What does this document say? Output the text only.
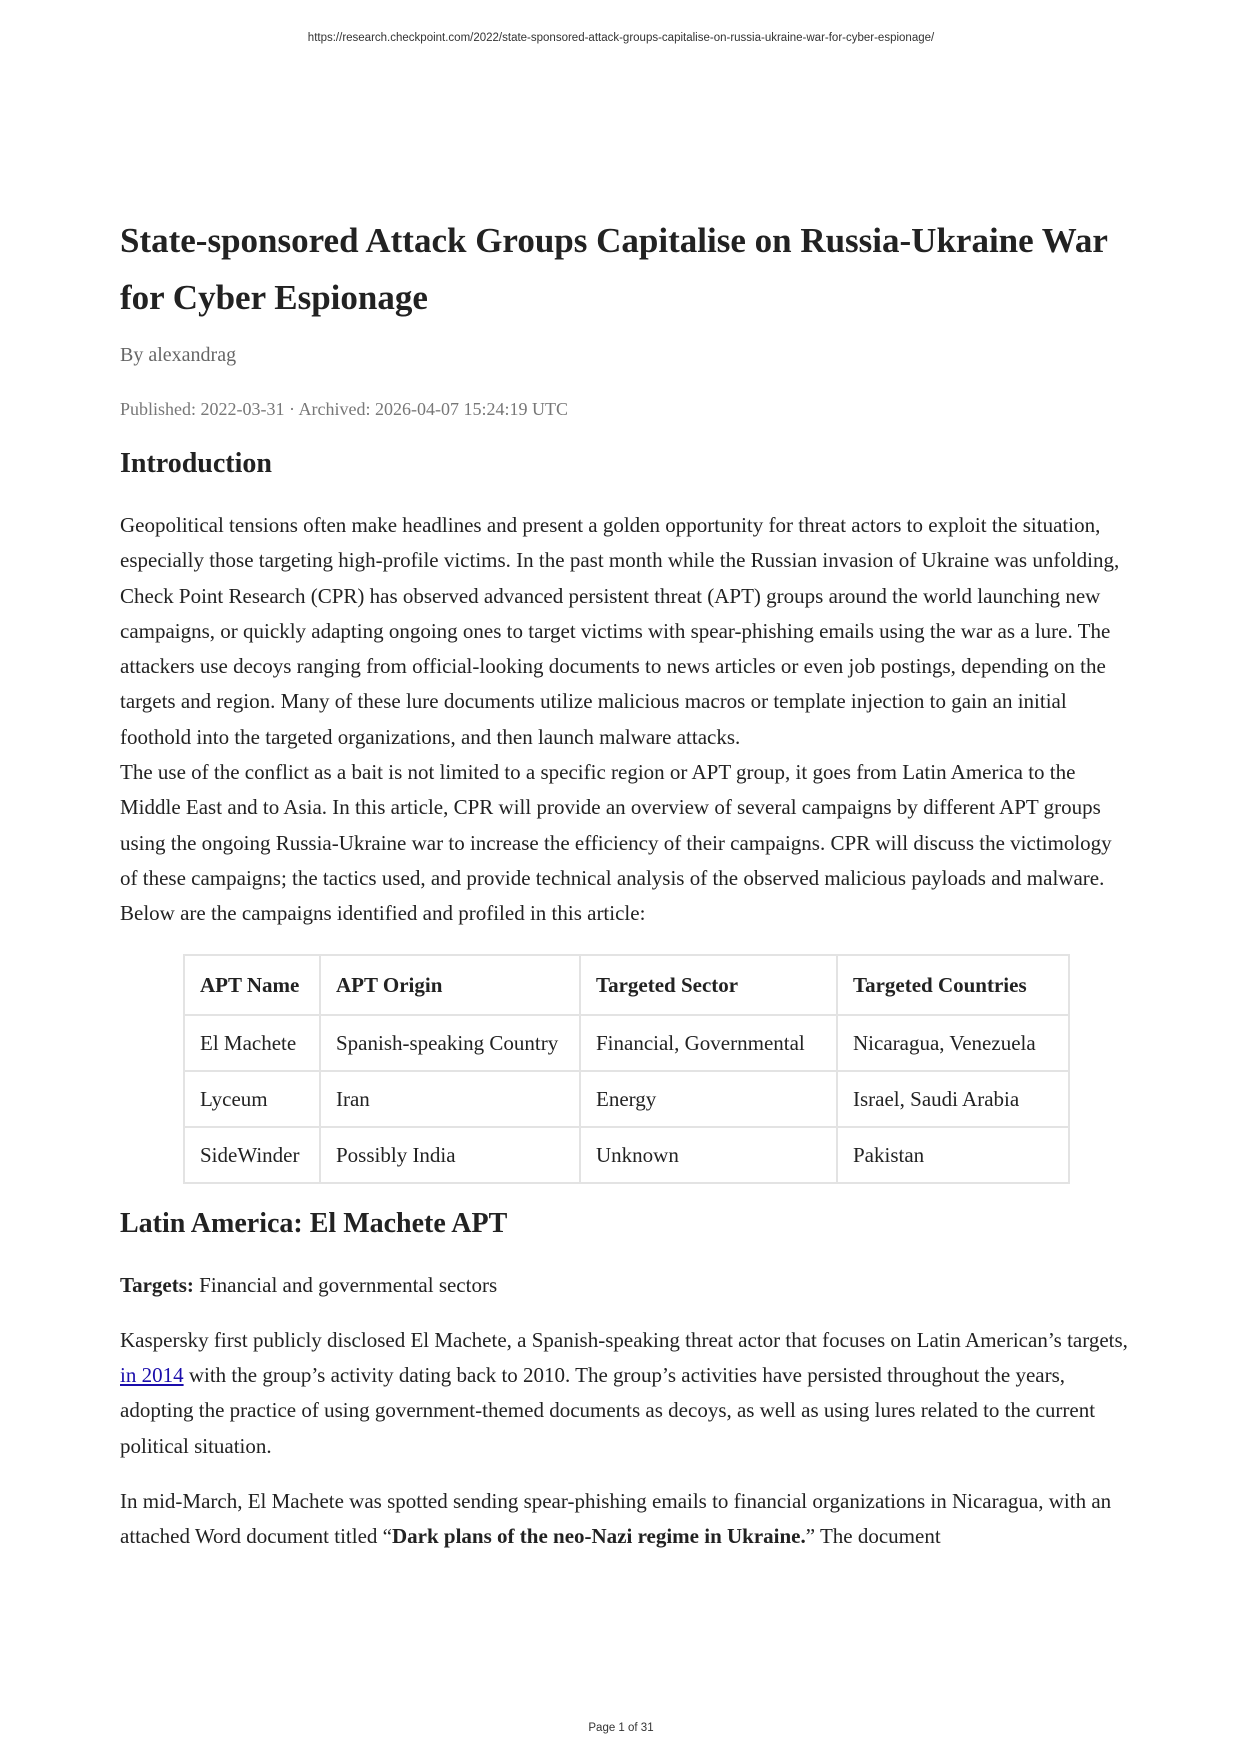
https://research.checkpoint.com/2022/state-sponsored-attack-groups-capitalise-on-russia-ukraine-war-for-cyber-espionage/
State-sponsored Attack Groups Capitalise on Russia-Ukraine War for Cyber Espionage
By alexandrag
Published: 2022-03-31 · Archived: 2026-04-07 15:24:19 UTC
Introduction

Geopolitical tensions often make headlines and present a golden opportunity for threat actors to exploit the situation, especially those targeting high-profile victims. In the past month while the Russian invasion of Ukraine was unfolding, Check Point Research (CPR) has observed advanced persistent threat (APT) groups around the world launching new campaigns, or quickly adapting ongoing ones to target victims with spear-phishing emails using the war as a lure. The attackers use decoys ranging from official-looking documents to news articles or even job postings, depending on the targets and region. Many of these lure documents utilize malicious macros or template injection to gain an initial foothold into the targeted organizations, and then launch malware attacks.

The use of the conflict as a bait is not limited to a specific region or APT group, it goes from Latin America to the Middle East and to Asia. In this article, CPR will provide an overview of several campaigns by different APT groups using the ongoing Russia-Ukraine war to increase the efficiency of their campaigns. CPR will discuss the victimology of these campaigns; the tactics used, and provide technical analysis of the observed malicious payloads and malware. Below are the campaigns identified and profiled in this article:

APT Name	APT Origin	Targeted Sector	Targeted Countries
El Machete	Spanish-speaking Country	Financial, Governmental	Nicaragua, Venezuela
Lyceum	Iran	Energy	Israel, Saudi Arabia
SideWinder	Possibly India	Unknown	Pakistan
Latin America: El Machete APT

Targets: Financial and governmental sectors

Kaspersky first publicly disclosed El Machete, a Spanish-speaking threat actor that focuses on Latin American’s targets, in 2014 with the group’s activity dating back to 2010. The group’s activities have persisted throughout the years, adopting the practice of using government-themed documents as decoys, as well as using lures related to the current political situation.

In mid-March, El Machete was spotted sending spear-phishing emails to financial organizations in Nicaragua, with an attached Word document titled “Dark plans of the neo-Nazi regime in Ukraine.” The document

Page 1 of 31
